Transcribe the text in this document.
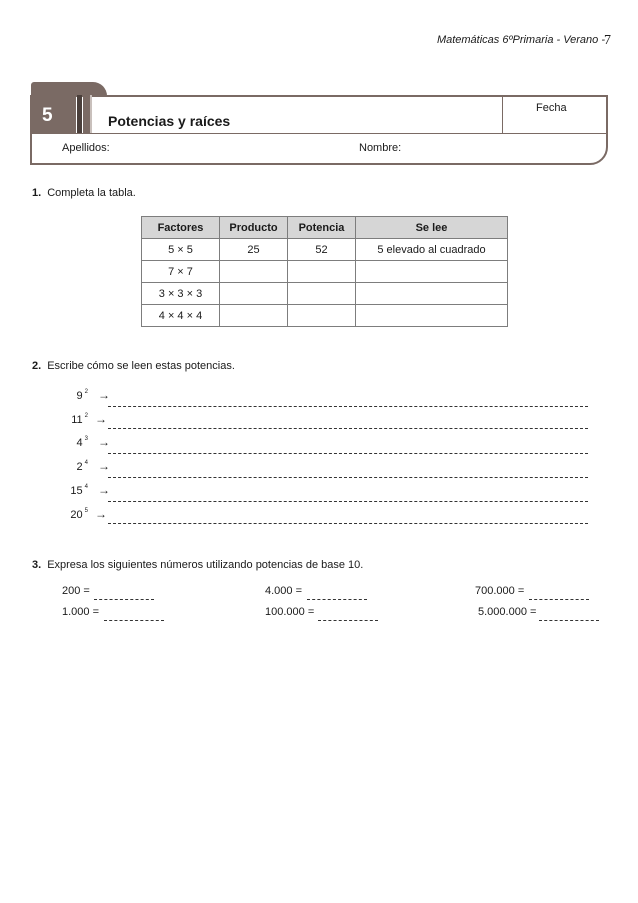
Matemáticas 6ºPrimaria - Verano - 7
5	Potencias y raíces
Fecha
Apellidos:	Nombre:
1. Completa la tabla.
Factores	Producto	Potencia	Se lee
5 × 5	25	52	5 elevado al cuadrado
7 × 7			
3 × 3 × 3			
4 × 4 × 4			
2. Escribe cómo se leen estas potencias.
9 $^2$ →
11 $^2$ →
4 $^3$ →
2 $^4$ →
15 $^4$ →
20 $^5$ →
3. Expresa los siguientes números utilizando potencias de base 10.
200 =	4.000 =	700.000 =
1.000 =	100.000 =	5.000.000 =
